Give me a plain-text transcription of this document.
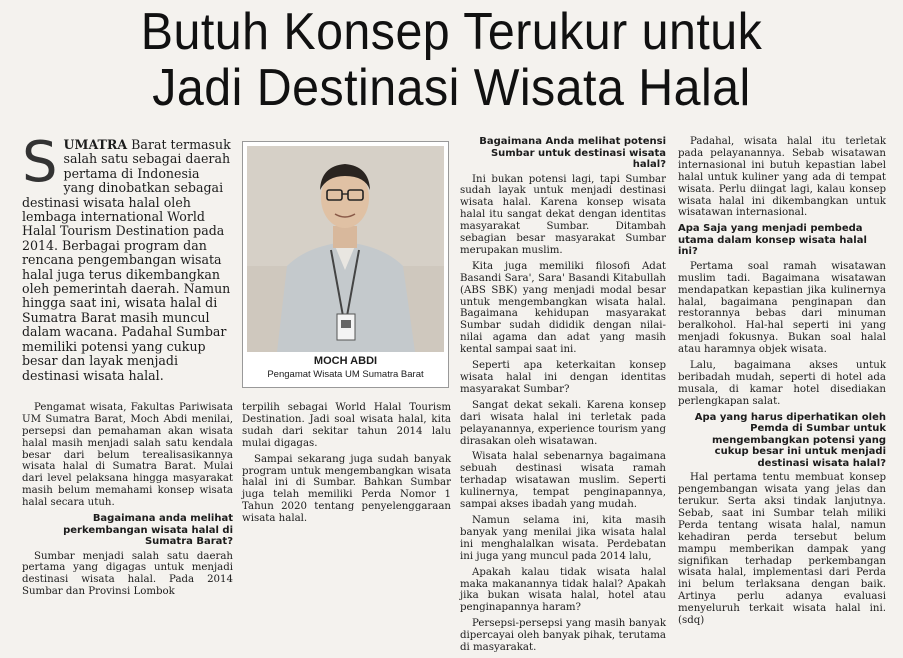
Butuh Konsep Terukur untuk
Jadi Destinasi Wisata Halal
SUMATRA Barat termasuk salah satu sebagai daerah pertama di Indonesia yang dinobatkan sebagai destinasi wisata halal oleh lembaga international World Halal Tourism Destination pada 2014. Berbagai program dan rencana pengembangan wisata halal juga terus dikembangkan oleh pemerintah daerah. Namun hingga saat ini, wisata halal di Sumatra Barat masih muncul dalam wacana. Padahal Sumbar memiliki potensi yang cukup besar dan layak menjadi destinasi wisata halal.

Pengamat wisata, Fakultas Pariwisata UM Sumatra Barat, Moch Abdi menilai, persepsi dan pemahaman akan wisata halal masih menjadi salah satu kendala besar dari belum terealisasikannya wisata halal di Sumatra Barat. Mulai dari level pelaksana hingga masyarakat masih belum memahami konsep wisata halal secara utuh.

Bagaimana anda melihat perkembangan wisata halal di Sumatra Barat?

Sumbar menjadi salah satu daerah pertama yang digagas untuk menjadi destinasi wisata halal. Pada 2014 Sumbar dan Provinsi Lombok

MOCH ABDI
Pengamat Wisata UM Sumatra Barat

terpilih sebagai World Halal Tourism Destination. Jadi soal wisata halal, kita sudah dari sekitar tahun 2014 lalu mulai digagas.

Sampai sekarang juga sudah banyak program untuk mengembangkan wisata halal ini di Sumbar. Bahkan Sumbar juga telah memiliki Perda Nomor 1 Tahun 2020 tentang penyelenggaraan wisata halal.

Bagaimana Anda melihat potensi Sumbar untuk destinasi wisata halal?

Ini bukan potensi lagi, tapi Sumbar sudah layak untuk menjadi destinasi wisata halal. Karena konsep wisata halal itu sangat dekat dengan identitas masyarakat Sumbar. Ditambah sebagian besar masyarakat Sumbar merupakan muslim.

Kita juga memiliki filosofi Adat Basandi Sara', Sara' Basandi Kitabullah (ABS SBK) yang menjadi modal besar untuk mengembangkan wisata halal. Bagaimana kehidupan masyarakat Sumbar sudah dididik dengan nilai-nilai agama dan adat yang masih kental sampai saat ini.

Seperti apa keterkaitan konsep wisata halal ini dengan identitas masyarakat Sumbar?

Sangat dekat sekali. Karena konsep dari wisata halal ini terletak pada pelayanannya, experience tourism yang dirasakan oleh wisatawan.

Wisata halal sebenarnya bagaimana sebuah destinasi wisata ramah terhadap wisatawan muslim. Seperti kulinernya, tempat penginapannya, sampai akses ibadah yang mudah.

Namun selama ini, kita masih banyak yang menilai jika wisata halal ini menghalalkan wisata. Perdebatan ini juga yang muncul pada 2014 lalu,

Apakah kalau tidak wisata halal maka makanannya tidak halal? Apakah jika bukan wisata halal, hotel atau penginapannya haram?

Persepsi-persepsi yang masih banyak dipercayai oleh banyak pihak, terutama di masyarakat.

Padahal, wisata halal itu terletak pada pelayanannya. Sebab wisatawan internasional ini butuh kepastian label halal untuk kuliner yang ada di tempat wisata. Perlu diingat lagi, kalau konsep wisata halal ini dikembangkan untuk wisatawan internasional.

Apa Saja yang menjadi pembeda utama dalam konsep wisata halal ini?

Pertama soal ramah wisatawan muslim tadi. Bagaimana wisatawan mendapatkan kepastian jika kulinernya halal, bagaimana penginapan dan restorannya bebas dari minuman beralkohol. Hal-hal seperti ini yang menjadi fokusnya. Bukan soal halal atau haramnya objek wisata.

Lalu, bagaimana akses untuk beribadah mudah, seperti di hotel ada musala, di kamar hotel disediakan perlengkapan salat.

Apa yang harus diperhatikan oleh Pemda di Sumbar untuk mengembangkan potensi yang cukup besar ini untuk menjadi destinasi wisata halal?

Hal pertama tentu membuat konsep pengembangan wisata yang jelas dan terukur. Serta aksi tindak lanjutnya. Sebab, saat ini Sumbar telah miliki Perda tentang wisata halal, namun kehadiran perda tersebut belum mampu memberikan dampak yang signifikan terhadap perkembangan wisata halal, implementasi dari Perda ini belum terlaksana dengan baik. Artinya perlu adanya evaluasi menyeluruh terkait wisata halal ini. (sdq)
